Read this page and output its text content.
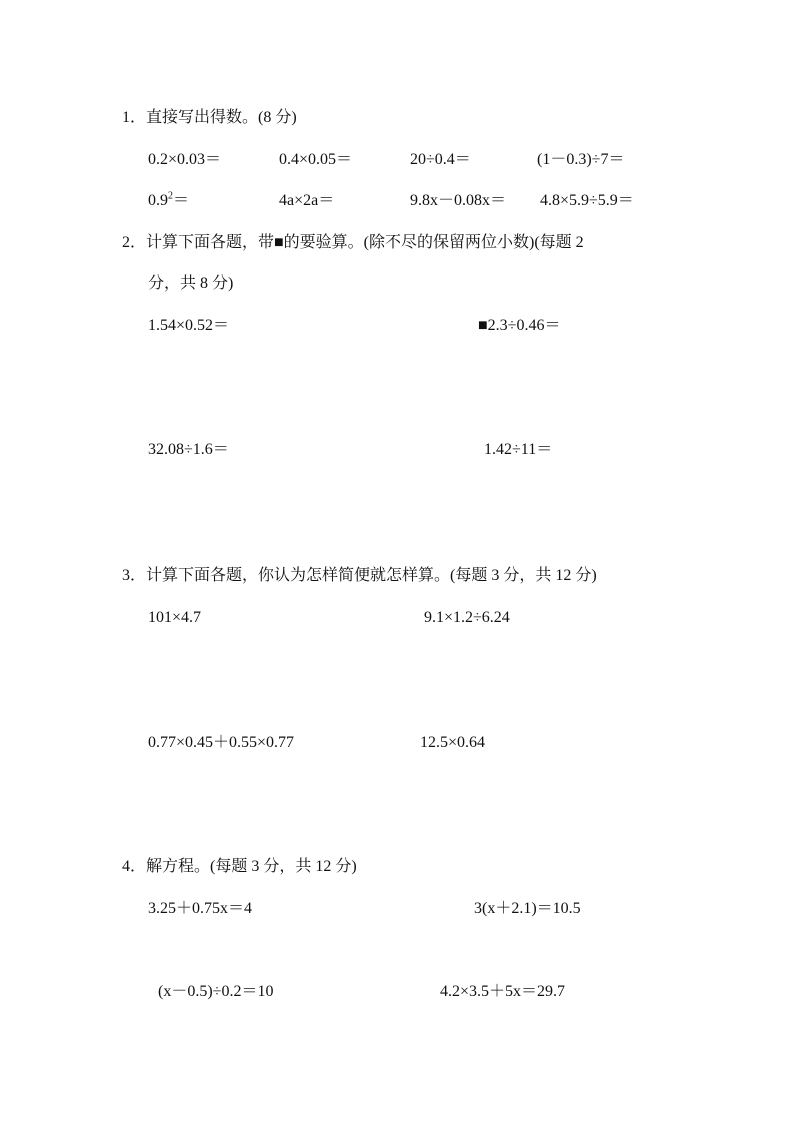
1．直接写出得数。(8 分)
0.2×0.03＝	0.4×0.05＝	20÷0.4＝	(1－0.3)÷7＝
$0.9^2=$	4a×2a＝	9.8x－0.08x＝ 4.8×5.9÷5.9＝
2．计算下面各题，带■的要验算。(除不尽的保留两位小数)(每题 2
分，共 8 分)
1.54×0.52＝	■2.3÷0.46＝
32.08÷1.6＝	1.42÷11＝
3．计算下面各题，你认为怎样简便就怎样算。(每题 3 分，共 12 分)
101×4.7	9.1×1.2÷6.24
0.77×0.45＋0.55×0.77	12.5×0.64
4．解方程。(每题 3 分，共 12 分)
3.25＋0.75x＝4	3(x＋2.1)＝10.5
(x－0.5)÷0.2＝10	4.2×3.5＋5x＝29.7
